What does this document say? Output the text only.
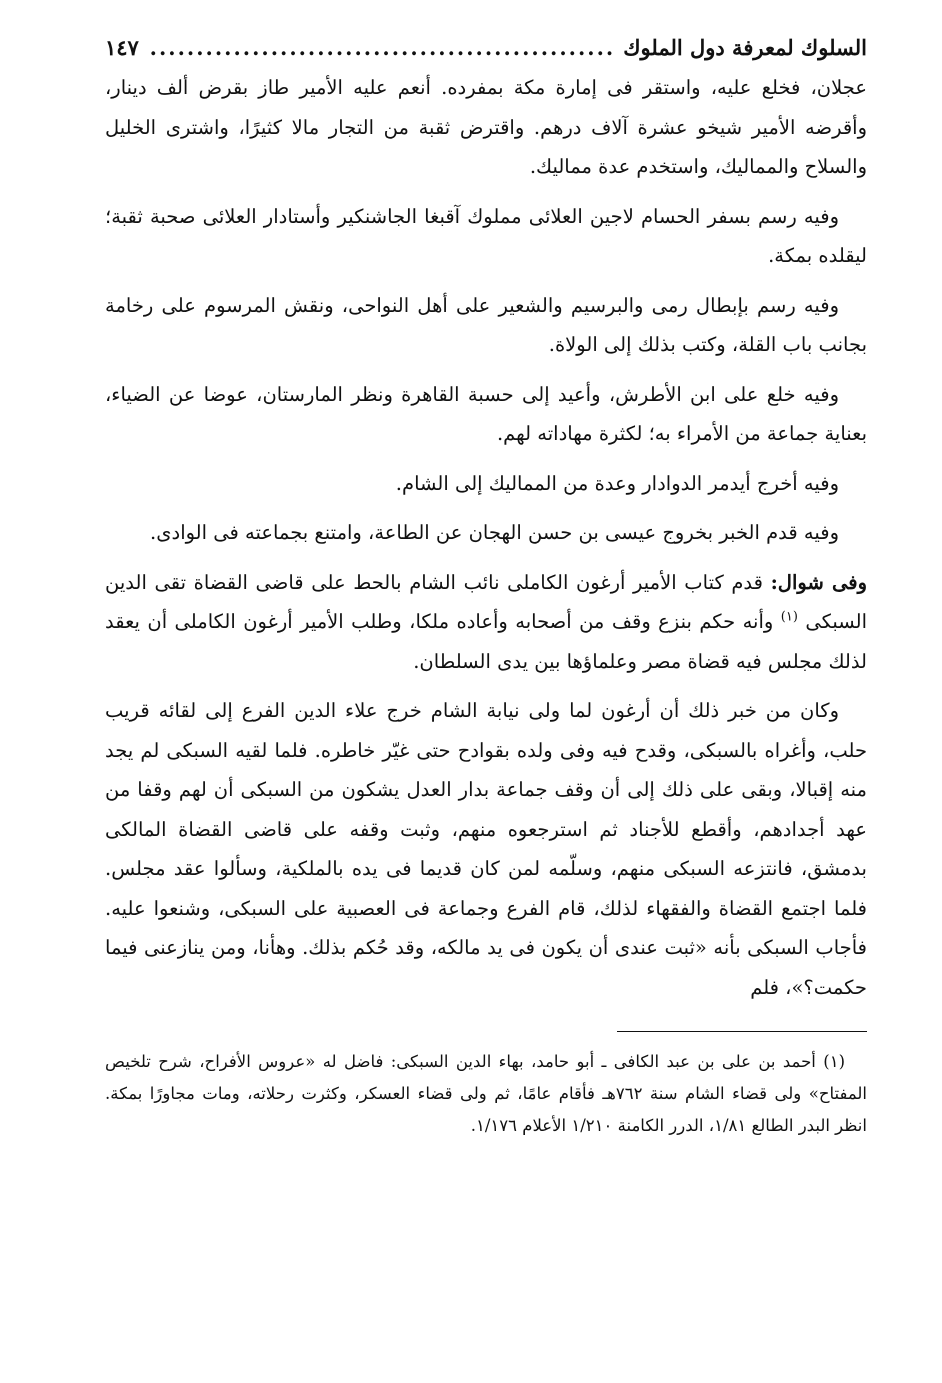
السلوك لمعرفة دول الملوك
.....
١٤٧

عجلان، فخلع عليه، واستقر فى إمارة مكة بمفرده. أنعم عليه الأمير طاز بقرض ألف دينار، وأقرضه الأمير شيخو عشرة آلاف درهم. واقترض ثقبة من التجار مالا كثيرًا، واشترى الخليل والسلاح والمماليك، واستخدم عدة مماليك.

وفيه رسم بسفر الحسام لاجين العلائى مملوك آقبغا الجاشنكير وأستادار العلائى صحبة ثقبة؛ ليقلده بمكة.

وفيه رسم بإبطال رمى والبرسيم والشعير على أهل النواحى، ونقش المرسوم على رخامة بجانب باب القلة، وكتب بذلك إلى الولاة.

وفيه خلع على ابن الأطرش، وأعيد إلى حسبة القاهرة ونظر المارستان، عوضا عن الضياء، بعناية جماعة من الأمراء به؛ لكثرة مهاداته لهم.

وفيه أخرج أيدمر الدوادار وعدة من المماليك إلى الشام.

وفيه قدم الخبر بخروج عيسى بن حسن الهجان عن الطاعة، وامتنع بجماعته فى الوادى.

وفى شوال: قدم كتاب الأمير أرغون الكاملى نائب الشام بالحط على قاضى القضاة تقى الدين السبكى $^{(١)}$ وأنه حكم بنزع وقف من أصحابه وأعاده ملكا، وطلب الأمير أرغون الكاملى أن يعقد لذلك مجلس فيه قضاة مصر وعلماؤها بين يدى السلطان.

وكان من خبر ذلك أن أرغون لما ولى نيابة الشام خرج علاء الدين الفرع إلى لقائه قريب حلب، وأغراه بالسبكى، وقدح فيه وفى ولده بقوادح حتى غيّر خاطره. فلما لقيه السبكى لم يجد منه إقبالا، وبقى على ذلك إلى أن وقف جماعة بدار العدل يشكون من السبكى أن لهم وقفا من عهد أجدادهم، وأقطع للأجناد ثم استرجعوه منهم، وثبت وقفه على قاضى القضاة المالكى بدمشق، فانتزعه السبكى منهم، وسلّمه لمن كان قديما فى يده بالملكية، وسألوا عقد مجلس. فلما اجتمع القضاة والفقهاء لذلك، قام الفرع وجماعة فى العصبية على السبكى، وشنعوا عليه. فأجاب السبكى بأنه «ثبت عندى أن يكون فى يد مالكه، وقد حُكم بذلك. وهأنا، ومن ينازعنى فيما حكمت؟»، فلم

(١) أحمد بن على بن عبد الكافى ـ أبو حامد، بهاء الدين السبكى: فاضل له «عروس الأفراح، شرح تلخيص المفتاح» ولى قضاء الشام سنة ٧٦٢هـ فأقام عامًا، ثم ولى قضاء العسكر، وكثرت رحلاته، ومات مجاورًا بمكة. انظر البدر الطالع ١/٨١، الدرر الكامنة ١/٢١٠ الأعلام ١/١٧٦.
